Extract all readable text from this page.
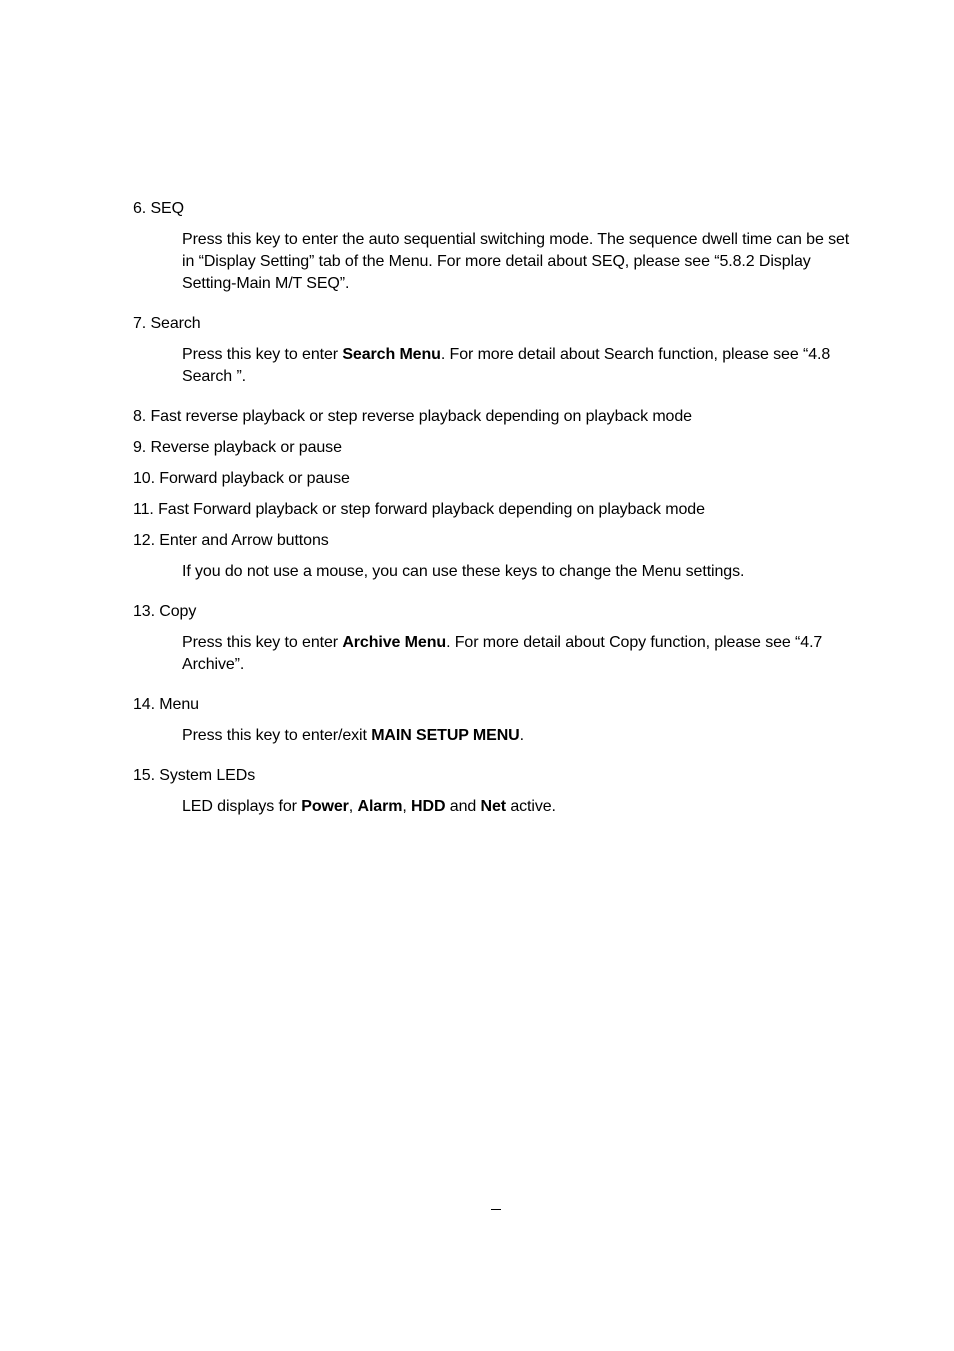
6. SEQ

Press this key to enter the auto sequential switching mode. The sequence dwell time can be set in “Display Setting” tab of the Menu. For more detail about SEQ, please see “5.8.2 Display Setting-Main M/T SEQ”.

7. Search

Press this key to enter Search Menu. For more detail about Search function, please see “4.8 Search ”.

8. Fast reverse playback or step reverse playback depending on playback mode

9. Reverse playback or pause

10. Forward playback or pause

11. Fast Forward playback or step forward playback depending on playback mode

12. Enter and Arrow buttons

If you do not use a mouse, you can use these keys to change the Menu settings.

13. Copy

Press this key to enter Archive Menu. For more detail about Copy function, please see “4.7 Archive”.

14. Menu

Press this key to enter/exit MAIN SETUP MENU.

15. System LEDs

LED displays for Power, Alarm, HDD and Net active.
